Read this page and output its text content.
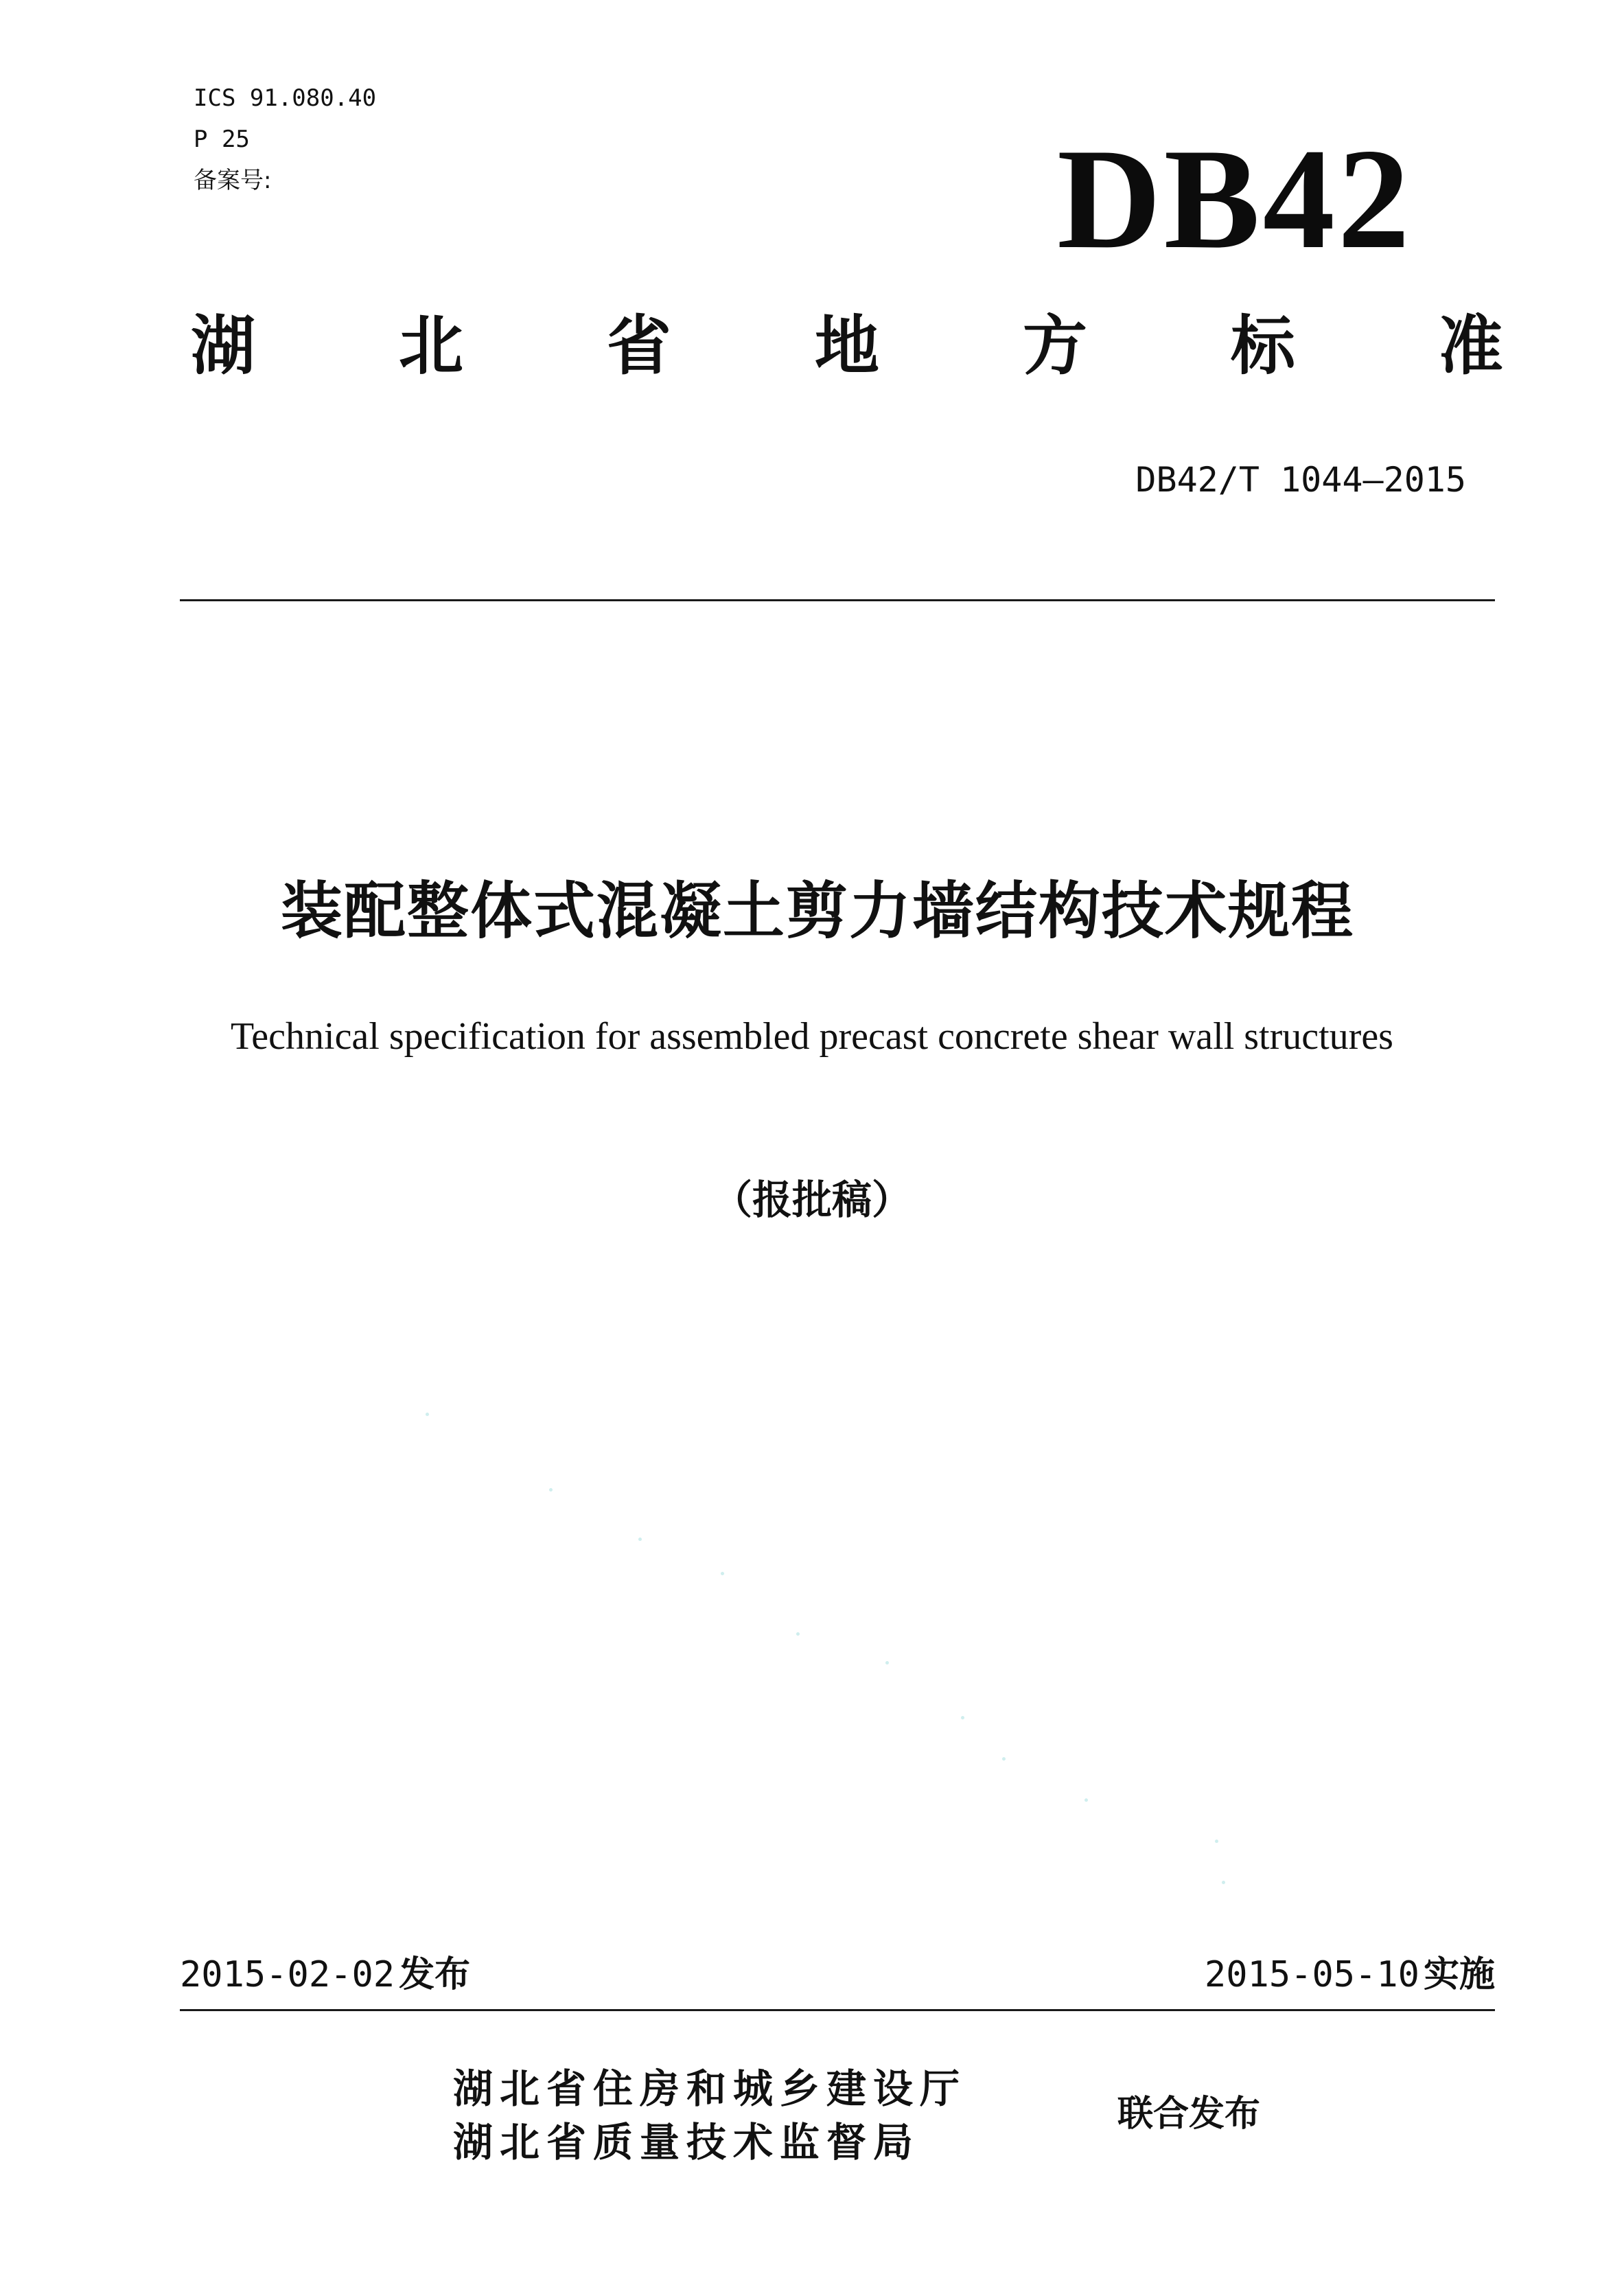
ICS 91.080.40
P 25
备案号:	DB42
湖 北 省 地 方 标 准
DB42/T 1044—2015
装配整体式混凝土剪力墙结构技术规程
Technical specification for assembled precast concrete shear wall structures
（报批稿）
2015-02-02 发布	2015-05-10 实施
湖北省住房和城乡建设厅
湖北省质量技术监督局
联合发布
